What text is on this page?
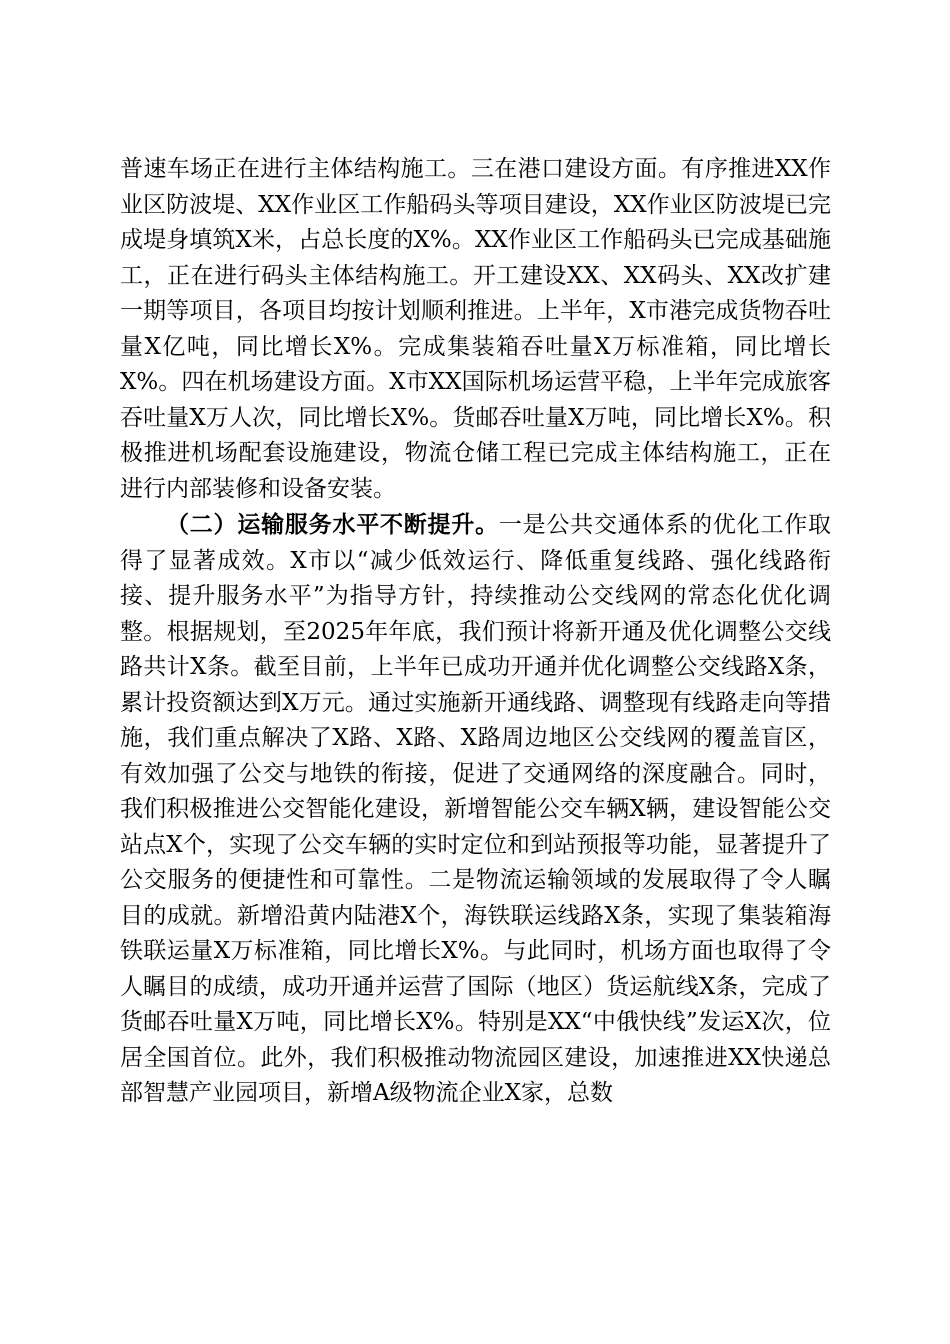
普速车场正在进行主体结构施工。三在港口建设方面。有序推进XX作业区防波堤、XX作业区工作船码头等项目建设，XX作业区防波堤已完成堤身填筑X米，占总长度的X%。XX作业区工作船码头已完成基础施工，正在进行码头主体结构施工。开工建设XX、XX码头、XX改扩建一期等项目，各项目均按计划顺利推进。上半年，X市港完成货物吞吐量X亿吨，同比增长X%。完成集装箱吞吐量X万标准箱，同比增长X%。四在机场建设方面。X市XX国际机场运营平稳，上半年完成旅客吞吐量X万人次，同比增长X%。货邮吞吐量X万吨，同比增长X%。积极推进机场配套设施建设，物流仓储工程已完成主体结构施工，正在进行内部装修和设备安装。

（二）运输服务水平不断提升。一是公共交通体系的优化工作取得了显著成效。X市以“减少低效运行、降低重复线路、强化线路衔接、提升服务水平”为指导方针，持续推动公交线网的常态化优化调整。根据规划，至2025年年底，我们预计将新开通及优化调整公交线路共计X条。截至目前，上半年已成功开通并优化调整公交线路X条，累计投资额达到X万元。通过实施新开通线路、调整现有线路走向等措施，我们重点解决了X路、X路、X路周边地区公交线网的覆盖盲区，有效加强了公交与地铁的衔接，促进了交通网络的深度融合。同时，我们积极推进公交智能化建设，新增智能公交车辆X辆，建设智能公交站点X个，实现了公交车辆的实时定位和到站预报等功能，显著提升了公交服务的便捷性和可靠性。二是物流运输领域的发展取得了令人瞩目的成就。新增沿黄内陆港X个，海铁联运线路X条，实现了集装箱海铁联运量X万标准箱，同比增长X%。与此同时，机场方面也取得了令人瞩目的成绩，成功开通并运营了国际（地区）货运航线X条，完成了货邮吞吐量X万吨，同比增长X%。特别是XX“中俄快线”发运X次，位居全国首位。此外，我们积极推动物流园区建设，加速推进XX快递总部智慧产业园项目，新增A级物流企业X家，总数
